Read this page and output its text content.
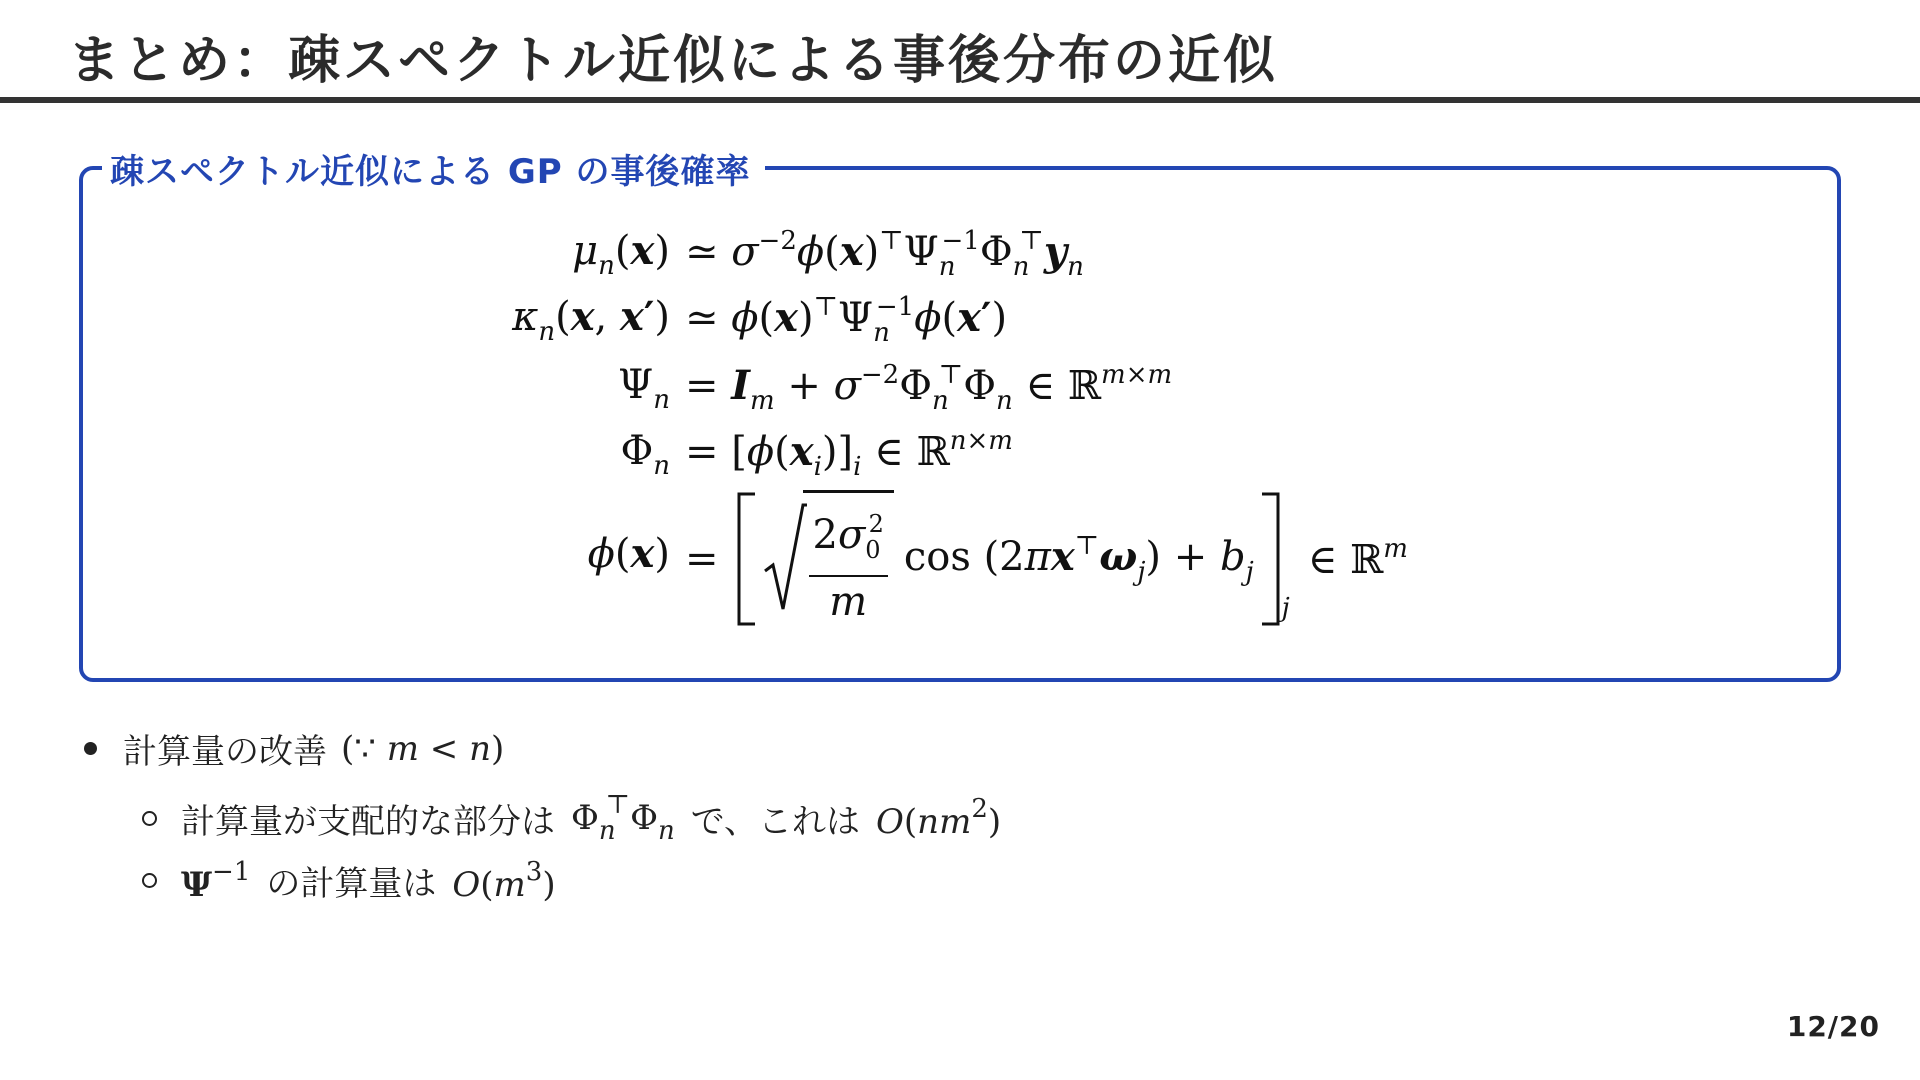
まとめ：疎スペクトル近似による事後分布の近似
疎スペクトル近似による GP の事後確率
$\mu_n(x)$ ≃ $\sigma^{-2}\phi(x)^⊤\Psi_n^{-1}\Phi_n^⊤y_n$
$\kappa_n(x$, x′) ≃ $\phi(x)^⊤\Psi_n^{-1}\phi(x')$
$\Psi_n = I_m + \sigma^{-2}\Phi_n^⊤\Phi_n$ ∈ ℝ$^{m\times m}$
$\Phi_n = [\phi(x_i)]_i$ ∈ ℝ$^{n\times m}$
$\phi(x) = \frac{2\sigma_0^2}{m}$ $\cos (2\pi x^⊤\omega_j) + b_j$
$_j$
∈ ℝ$^m$
計算量の改善 (∵ m < n)
計算量が支配的な部分は $\Phi_n^⊤\Phi_n$ で、これは $O(nm^2)$
$\Psi^{-1}$ の計算量は $O(m^3)$
12/20
